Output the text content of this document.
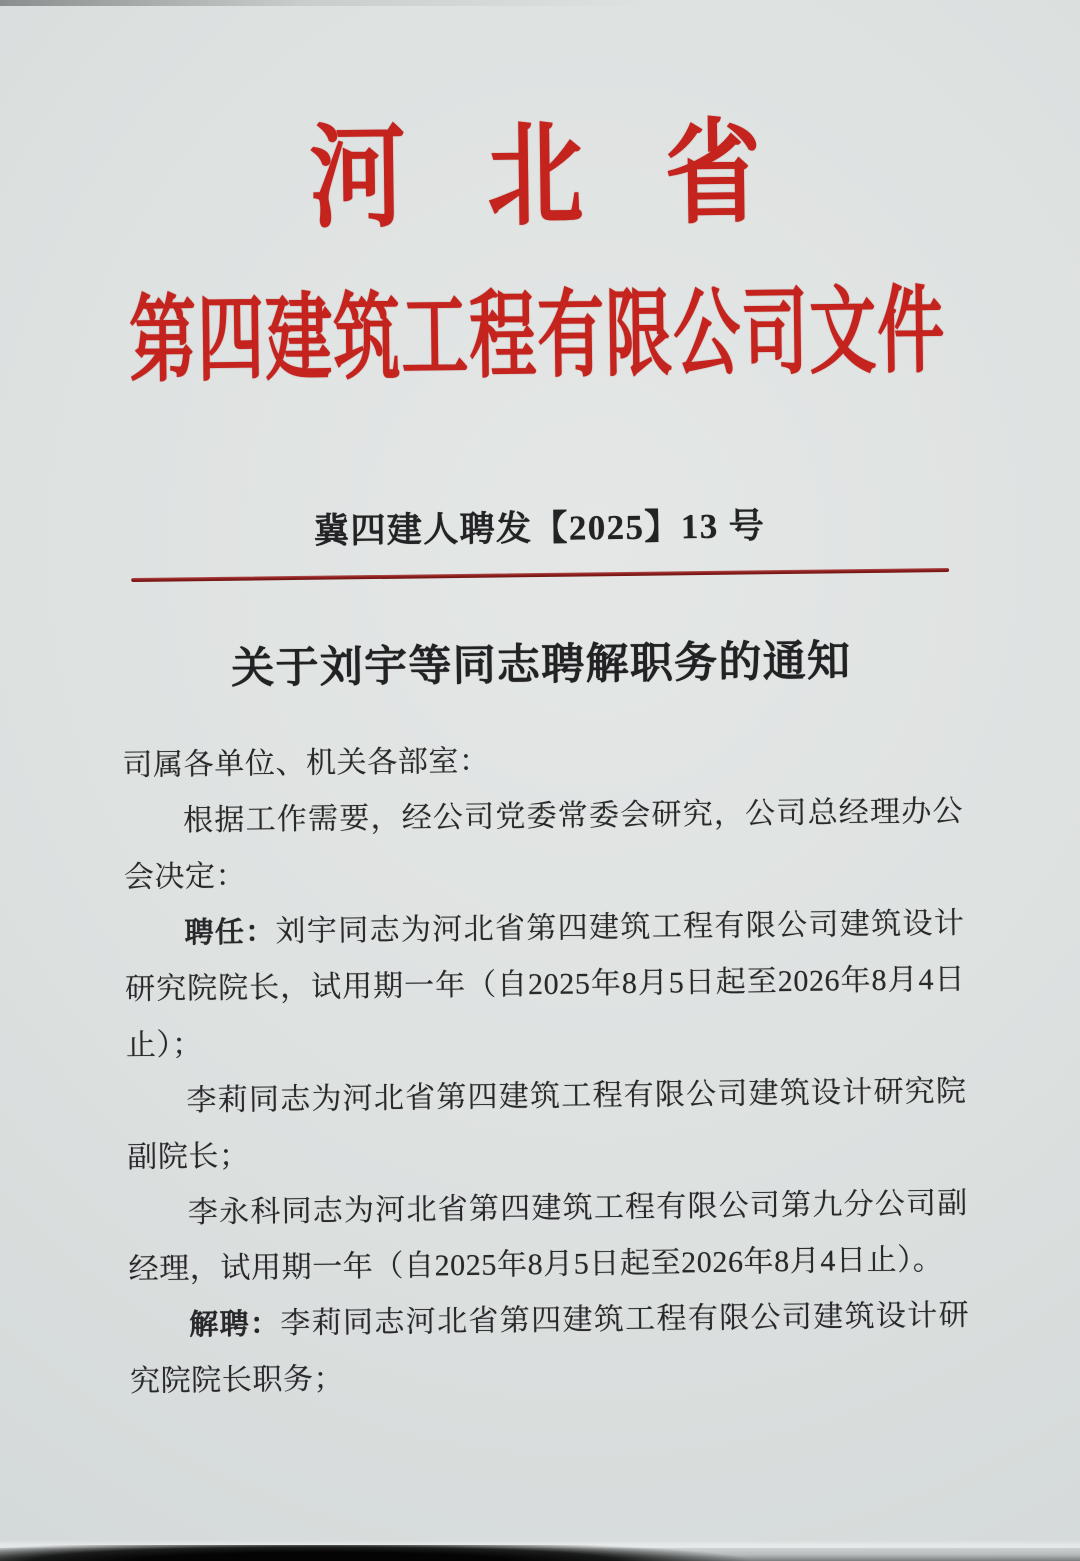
河 北 省
第四建筑工程有限公司文件
冀四建人聘发【2025】13 号
关于刘宇等同志聘解职务的通知

司属各单位、机关各部室：

根据工作需要，经公司党委常委会研究，公司总经理办公会决定：

聘任：刘宇同志为河北省第四建筑工程有限公司建筑设计研究院院长，试用期一年（自2025年8月5日起至2026年8月4日止）；

李莉同志为河北省第四建筑工程有限公司建筑设计研究院副院长；

李永科同志为河北省第四建筑工程有限公司第九分公司副经理，试用期一年（自2025年8月5日起至2026年8月4日止）。

解聘：李莉同志河北省第四建筑工程有限公司建筑设计研究院院长职务；
